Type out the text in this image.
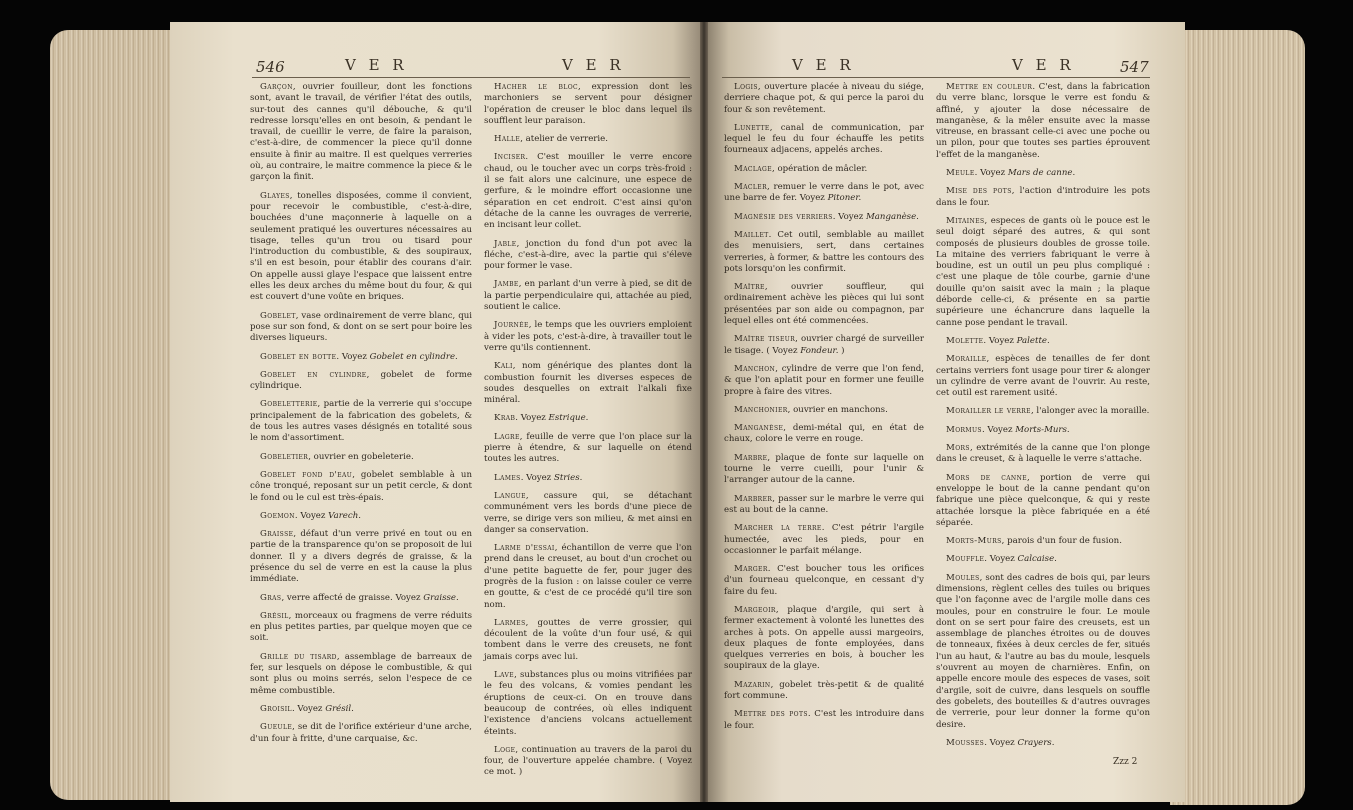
546	V E R	V E R	V E R	V E R	547

Garçon, ouvrier fouilleur, dont les fonctions sont, avant le travail, de vérifier l'état des outils, sur-tout des cannes qu'il débouche, & qu'il redresse lorsqu'elles en ont besoin, & pendant le travail, de cueillir le verre, de faire la paraison, c'est-à-dire, de commencer la piece qu'il donne ensuite à finir au maitre. Il est quelques verreries où, au contraire, le maitre commence la piece & le garçon la finit.

Glayes, tonelles disposées, comme il convient, pour recevoir le combustible, c'est-à-dire, bouchées d'une maçonnerie à laquelle on a seulement pratiqué les ouvertures nécessaires au tisage, telles qu'un trou ou tisard pour l'introduction du combustible, & des soupiraux, s'il en est besoin, pour établir des courans d'air. On appelle aussi glaye l'espace que laissent entre elles les deux arches du même bout du four, & qui est couvert d'une voûte en briques.

Gobelet, vase ordinairement de verre blanc, qui pose sur son fond, & dont on se sert pour boire les diverses liqueurs.

Gobelet en botte. Voyez Gobelet en cylindre.

Gobelet en cylindre, gobelet de forme cylindrique.

Gobeletterie, partie de la verrerie qui s'occupe principalement de la fabrication des gobelets, & de tous les autres vases désignés en totalité sous le nom d'assortiment.

Gobeletier, ouvrier en gobeleterie.

Gobelet fond d'eau, gobelet semblable à un cône tronqué, reposant sur un petit cercle, & dont le fond ou le cul est très-épais.

Goemon. Voyez Varech.

Graisse, défaut d'un verre privé en tout ou en partie de la transparence qu'on se proposoit de lui donner. Il y a divers degrés de graisse, & la présence du sel de verre en est la cause la plus immédiate.

Gras, verre affecté de graisse. Voyez Graisse.

Grésil, morceaux ou fragmens de verre réduits en plus petites parties, par quelque moyen que ce soit.

Grille du tisard, assemblage de barreaux de fer, sur lesquels on dépose le combustible, & qui sont plus ou moins serrés, selon l'espece de ce même combustible.

Groisil. Voyez Grésil.

Gueule, se dit de l'orifice extérieur d'une arche, d'un four à fritte, d'une carquaise, &c.

Hacher le bloc, expression dont les marchoniers se servent pour désigner l'opération de creuser le bloc dans lequel ils soufflent leur paraison.

Halle, atelier de verrerie.

Inciser. C'est mouiller le verre encore chaud, ou le toucher avec un corps très-froid : il se fait alors une calcinure, une espece de gerfure, & le moindre effort occasionne une séparation en cet endroit. C'est ainsi qu'on détache de la canne les ouvrages de verrerie, en incisant leur collet.

Jable, jonction du fond d'un pot avec la fléche, c'est-à-dire, avec la partie qui s'éleve pour former le vase.

Jambe, en parlant d'un verre à pied, se dit de la partie perpendiculaire qui, attachée au pied, soutient le calice.

Journée, le temps que les ouvriers emploient à vider les pots, c'est-à-dire, à travailler tout le verre qu'ils contiennent.

Kali, nom générique des plantes dont la combustion fournit les diverses especes de soudes desquelles on extrait l'alkali fixe minéral.

Krab. Voyez Estrique.

Lagre, feuille de verre que l'on place sur la pierre à étendre, & sur laquelle on étend toutes les autres.

Lames. Voyez Stries.

Langue, cassure qui, se détachant communément vers les bords d'une piece de verre, se dirige vers son milieu, & met ainsi en danger sa conservation.

Larme d'essai, échantillon de verre que l'on prend dans le creuset, au bout d'un crochet ou d'une petite baguette de fer, pour juger des progrès de la fusion : on laisse couler ce verre en goutte, & c'est de ce procédé qu'il tire son nom.

Larmes, gouttes de verre grossier, qui découlent de la voûte d'un four usé, & qui tombent dans le verre des creusets, ne font jamais corps avec lui.

Lave, substances plus ou moins vitrifiées par le feu des volcans, & vomies pendant les éruptions de ceux-ci. On en trouve dans beaucoup de contrées, où elles indiquent l'existence d'anciens volcans actuellement éteints.

Loge, continuation au travers de la paroi du four, de l'ouverture appelée chambre. ( Voyez ce mot. )

Logis, ouverture placée à niveau du siége, derriere chaque pot, & qui perce la paroi du four & son revêtement.

Lunette, canal de communication, par lequel le feu du four échauffe les petits fourneaux adjacens, appelés arches.

Maclage, opération de mâcler.

Macler, remuer le verre dans le pot, avec une barre de fer. Voyez Pitoner.

Magnésie des verriers. Voyez Manganèse.

Maillet. Cet outil, semblable au maillet des menuisiers, sert, dans certaines verreries, à former, & battre les contours des pots lorsqu'on les confirmit.

Maître, ouvrier souffleur, qui ordinairement achève les pièces qui lui sont présentées par son aide ou compagnon, par lequel elles ont été commencées.

Maître tiseur, ouvrier chargé de surveiller le tisage. ( Voyez Fondeur. )

Manchon, cylindre de verre que l'on fend, & que l'on aplatit pour en former une feuille propre à faire des vitres.

Manchonier, ouvrier en manchons.

Manganèse, demi-métal qui, en état de chaux, colore le verre en rouge.

Marbre, plaque de fonte sur laquelle on tourne le verre cueilli, pour l'unir & l'arranger autour de la canne.

Marbrer, passer sur le marbre le verre qui est au bout de la canne.

Marcher la terre. C'est pétrir l'argile humectée, avec les pieds, pour en occasionner le parfait mélange.

Marger. C'est boucher tous les orifices d'un fourneau quelconque, en cessant d'y faire du feu.

Margeoir, plaque d'argile, qui sert à fermer exactement à volonté les lunettes des arches à pots. On appelle aussi margeoirs, deux plaques de fonte employées, dans quelques verreries en bois, à boucher les soupiraux de la glaye.

Mazarin, gobelet très-petit & de qualité fort commune.

Mettre des pots. C'est les introduire dans le four.

Mettre en couleur. C'est, dans la fabrication du verre blanc, lorsque le verre est fondu & affiné, y ajouter la dose nécessaire de manganèse, & la mêler ensuite avec la masse vitreuse, en brassant celle-ci avec une poche ou un pilon, pour que toutes ses parties éprouvent l'effet de la manganèse.

Meule. Voyez Mars de canne.

Mise des pots, l'action d'introduire les pots dans le four.

Mitaines, especes de gants où le pouce est le seul doigt séparé des autres, & qui sont composés de plusieurs doubles de grosse toile. La mitaine des verriers fabriquant le verre à boudine, est un outil un peu plus compliqué : c'est une plaque de tôle courbe, garnie d'une douille qu'on saisit avec la main ; la plaque déborde celle-ci, & présente en sa partie supérieure une échancrure dans laquelle la canne pose pendant le travail.

Molette. Voyez Palette.

Moraille, espèces de tenailles de fer dont certains verriers font usage pour tirer & alonger un cylindre de verre avant de l'ouvrir. Au reste, cet outil est rarement usité.

Morailler le verre, l'alonger avec la moraille.

Mormus. Voyez Morts-Murs.

Mors, extrémités de la canne que l'on plonge dans le creuset, & à laquelle le verre s'attache.

Mors de canne, portion de verre qui enveloppe le bout de la canne pendant qu'on fabrique une pièce quelconque, & qui y reste attachée lorsque la pièce fabriquée en a été séparée.

Morts-Murs, parois d'un four de fusion.

Mouffle. Voyez Calcaise.

Moules, sont des cadres de bois qui, par leurs dimensions, règlent celles des tuiles ou briques que l'on façonne avec de l'argile molle dans ces moules, pour en construire le four. Le moule dont on se sert pour faire des creusets, est un assemblage de planches étroites ou de douves de tonneaux, fixées à deux cercles de fer, situés l'un au haut, & l'autre au bas du moule, lesquels s'ouvrent au moyen de charnières. Enfin, on appelle encore moule des especes de vases, soit d'argile, soit de cuivre, dans lesquels on souffle des gobelets, des bouteilles & d'autres ouvrages de verrerie, pour leur donner la forme qu'on desire.

Mousses. Voyez Crayers.

Zzz 2
